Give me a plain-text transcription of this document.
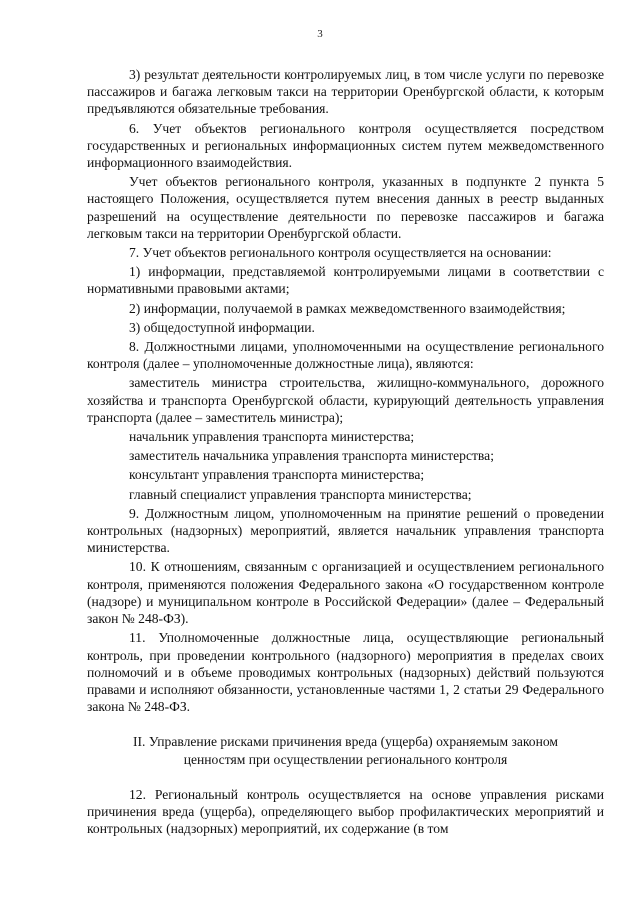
3

3) результат деятельности контролируемых лиц, в том числе услуги по перевозке пассажиров и багажа легковым такси на территории Оренбургской области, к которым предъявляются обязательные требования.

6. Учет объектов регионального контроля осуществляется посредством государственных и региональных информационных систем путем межведомственного информационного взаимодействия.

Учет объектов регионального контроля, указанных в подпункте 2 пункта 5 настоящего Положения, осуществляется путем внесения данных в реестр выданных разрешений на осуществление деятельности по перевозке пассажиров и багажа легковым такси на территории Оренбургской области.

7. Учет объектов регионального контроля осуществляется на основании:

1) информации, представляемой контролируемыми лицами в соответствии с нормативными правовыми актами;

2) информации, получаемой в рамках межведомственного взаимодействия;

3) общедоступной информации.

8. Должностными лицами, уполномоченными на осуществление регионального контроля (далее – уполномоченные должностные лица), являются:

заместитель министра строительства, жилищно-коммунального, дорожного хозяйства и транспорта Оренбургской области, курирующий деятельность управления транспорта (далее – заместитель министра);

начальник управления транспорта министерства;

заместитель начальника управления транспорта министерства;

консультант управления транспорта министерства;

главный специалист управления транспорта министерства;

9. Должностным лицом, уполномоченным на принятие решений о проведении контрольных (надзорных) мероприятий, является начальник управления транспорта министерства.

10. К отношениям, связанным с организацией и осуществлением регионального контроля, применяются положения Федерального закона «О государственном контроле (надзоре) и муниципальном контроле в Российской Федерации» (далее – Федеральный закон № 248-ФЗ).

11. Уполномоченные должностные лица, осуществляющие региональный контроль, при проведении контрольного (надзорного) мероприятия в пределах своих полномочий и в объеме проводимых контрольных (надзорных) действий пользуются правами и исполняют обязанности, установленные частями 1, 2 статьи 29 Федерального закона № 248-ФЗ.

II. Управление рисками причинения вреда (ущерба) охраняемым законом ценностям при осуществлении регионального контроля

12. Региональный контроль осуществляется на основе управления рисками причинения вреда (ущерба), определяющего выбор профилактических мероприятий и контрольных (надзорных) мероприятий, их содержание (в том
